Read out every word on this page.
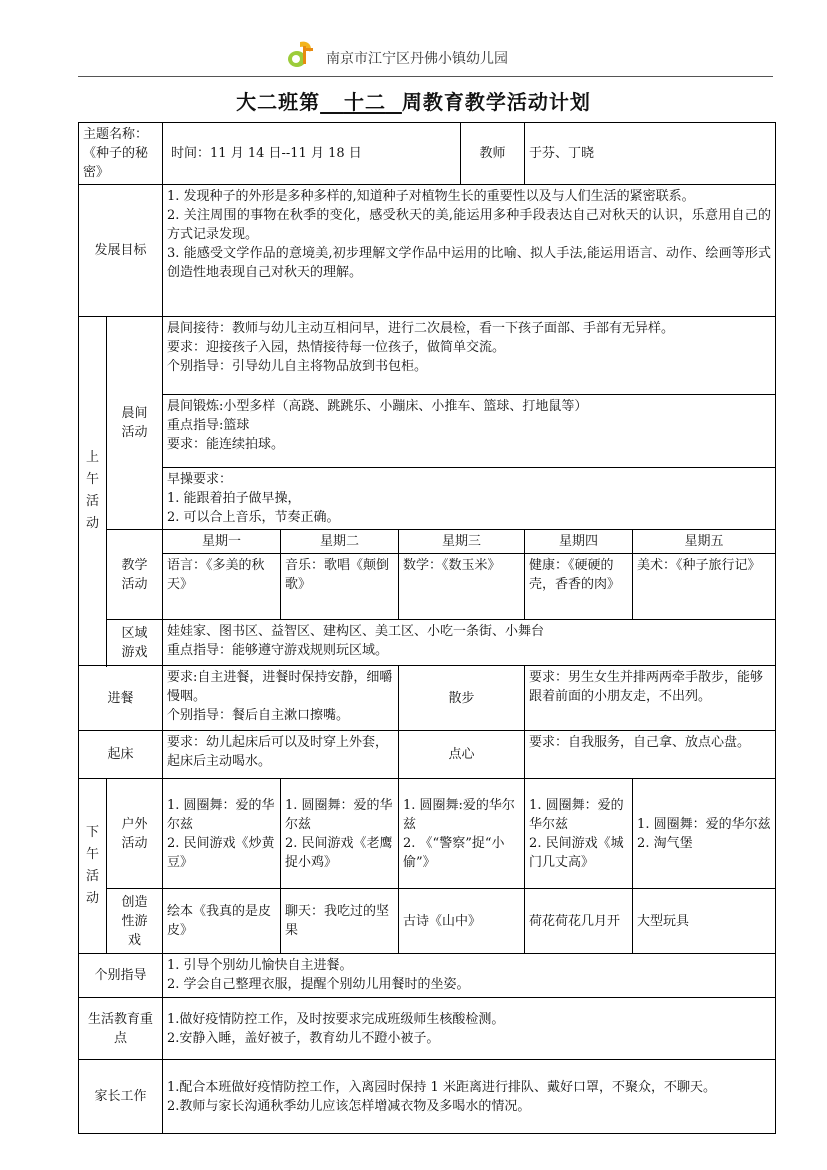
南京市江宁区丹佛小镇幼儿园
大二班第 十二 周教育教学活动计划
主题名称：《种子的秘密》		时间：11 月 14 日--11 月 18 日			教师	于芬、丁晓	
发展目标		1. 发现种子的外形是多种多样的,知道种子对植物生长的重要性以及与人们生活的紧密联系。
2. 关注周围的事物在秋季的变化，感受秋天的美,能运用多种手段表达自己对秋天的认识，乐意用自己的方式记录发现。
3. 能感受文学作品的意境美,初步理解文学作品中运用的比喻、拟人手法,能运用语言、动作、绘画等形式创造性地表现自己对秋天的理解。					

上午活动	晨间活动	晨间接待：教师与幼儿主动互相问早，进行二次晨检，看一下孩子面部、手部有无异样。
要求：迎接孩子入园，热情接待每一位孩子，做简单交流。
个别指导：引导幼儿自主将物品放到书包柜。					

		晨间锻炼:小型多样（高跷、跳跳乐、小蹦床、小推车、篮球、打地鼠等）
重点指导:篮球
要求：能连续拍球。					

		早操要求：
1. 能跟着拍子做早操，
2. 可以合上音乐，节奏正确。					

	教学活动	星期一	星期二	星期三		星期四	星期五
		语言：《多美的秋天》	音乐：歌唱《颠倒歌》	数学：《数玉米》		健康：《硬硬的壳，香香的肉》	美术：《种子旅行记》
	区域游戏	娃娃家、图书区、益智区、建构区、美工区、小吃一条街、小舞台
重点指导：能够遵守游戏规则玩区域。					

进餐		要求:自主进餐，进餐时保持安静，细嚼慢咽。
个别指导：餐后自主漱口擦嘴。		散步		要求：男生女生并排两两牵手散步，能够跟着前面的小朋友走，不出列。	
起床		要求：幼儿起床后可以及时穿上外套，起床后主动喝水。		点心		要求：自我服务，自己拿、放点心盘。	
下午活动	户外活动	1. 圆圈舞：爱的华尔兹
2. 民间游戏《炒黄豆》	1. 圆圈舞：爱的华尔兹
2. 民间游戏《老鹰捉小鸡》	1. 圆圈舞:爱的华尔兹
2. 《“警察”捉“小偷”》		1. 圆圈舞：爱的华尔兹
2. 民间游戏《城门几丈高》	1. 圆圈舞：爱的华尔兹
2. 淘气堡

	创造性游戏	绘本《我真的是皮皮》	聊天：我吃过的坚果	古诗《山中》		荷花荷花几月开	大型玩具
个别指导		1. 引导个别幼儿愉快自主进餐。
2. 学会自己整理衣服，提醒个别幼儿用餐时的坐姿。					

生活教育重 点		1.做好疫情防控工作，及时按要求完成班级师生核酸检测。
2.安静入睡，盖好被子，教育幼儿不蹬小被子。					

家长工作		1.配合本班做好疫情防控工作，入离园时保持 1 米距离进行排队、戴好口罩，不聚众，不聊天。
2.教师与家长沟通秋季幼儿应该怎样增减衣物及多喝水的情况。					
